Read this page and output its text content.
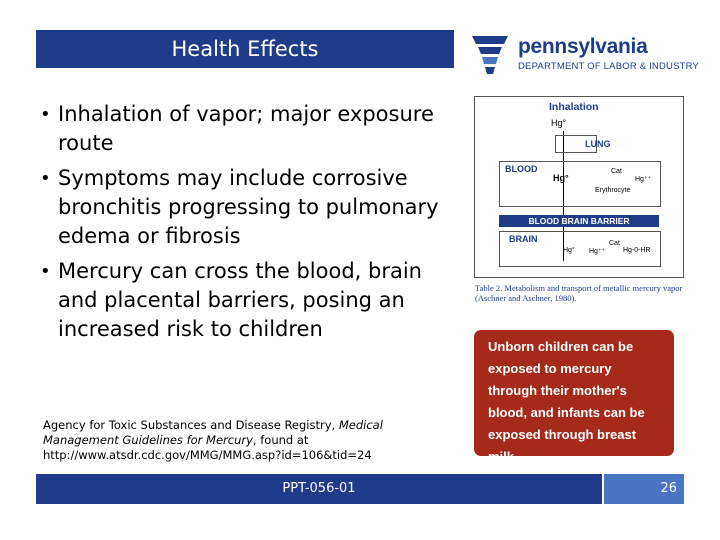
Health Effects	pennsylvania
DEPARTMENT OF LABOR & INDUSTRY
• Inhalation of vapor; major exposure route
• Symptoms may include corrosive bronchitis progressing to pulmonary edema or fibrosis
• Mercury can cross the blood, brain and placental barriers, posing an increased risk to children
Agency for Toxic Substances and Disease Registry, Medical Management Guidelines for Mercury, found at http://www.atsdr.cdc.gov/MMG/MMG.asp?id=106&tid=24
Inhalation
Hg°
LUNG
BLOOD
Hg°
Cat
Hg⁺⁺
Erythrocyte
BLOOD BRAIN BARRIER
BRAIN
Hg°
Cat
Hg⁺⁺	Hg-0-HR
Table 2. Metabolism and transport of metallic mercury vapor (Aschner and Aschner, 1980).
Unborn children can be exposed to mercury through their mother's blood, and infants can be exposed through breast milk.
PPT-056-01	26
